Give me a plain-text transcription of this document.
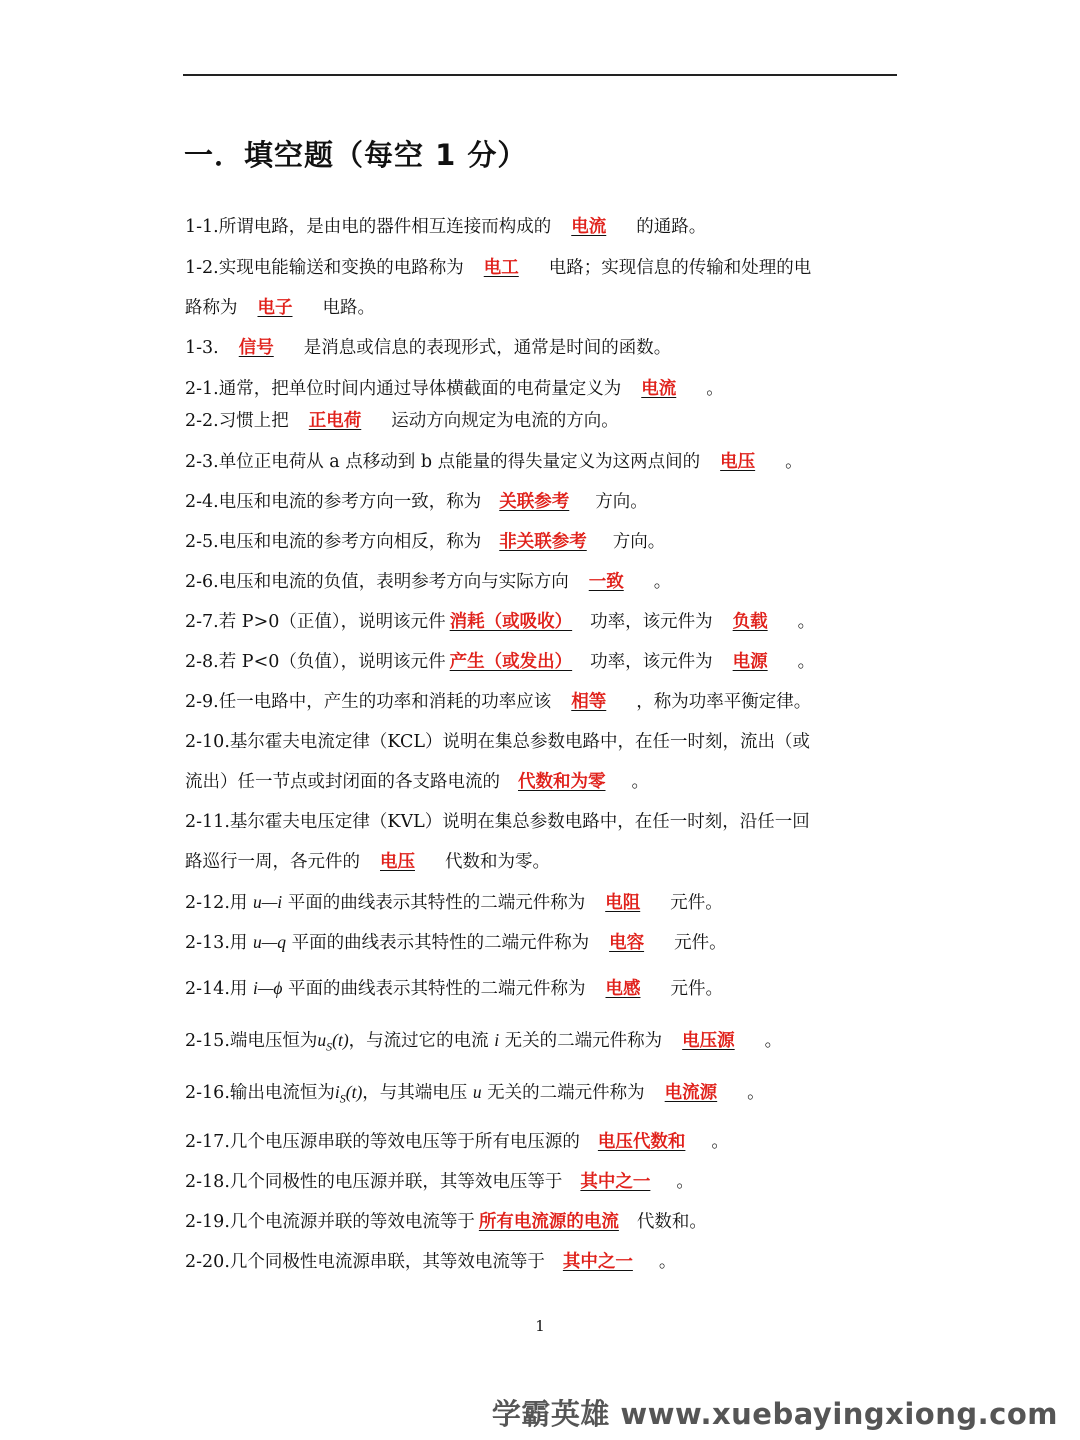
一．填空题（每空 1 分）
1-1.所谓电路，是由电的器件相互连接而构成的 电流 的通路。
1-2.实现电能输送和变换的电路称为 电工 电路；实现信息的传输和处理的电
路称为 电子 电路。
1-3. 信号 是消息或信息的表现形式，通常是时间的函数。
2-1.通常，把单位时间内通过导体横截面的电荷量定义为 电流 。
2-2.习惯上把 正电荷 运动方向规定为电流的方向。
2-3.单位正电荷从 a 点移动到 b 点能量的得失量定义为这两点间的 电压 。
2-4.电压和电流的参考方向一致，称为 关联参考 方向。
2-5.电压和电流的参考方向相反，称为 非关联参考 方向。
2-6.电压和电流的负值，表明参考方向与实际方向 一致 。
2-7.若 P>0（正值），说明该元件 消耗（或吸收） 功率，该元件为 负载 。
2-8.若 P<0（负值），说明该元件 产生（或发出） 功率，该元件为 电源 。
2-9.任一电路中，产生的功率和消耗的功率应该 相等 ，称为功率平衡定律。
2-10.基尔霍夫电流定律（KCL）说明在集总参数电路中，在任一时刻，流出（或
流出）任一节点或封闭面的各支路电流的 代数和为零 。
2-11.基尔霍夫电压定律（KVL）说明在集总参数电路中，在任一时刻，沿任一回
路巡行一周，各元件的 电压 代数和为零。
2-12.用 u—i 平面的曲线表示其特性的二端元件称为 电阻 元件。
2-13.用 u—q 平面的曲线表示其特性的二端元件称为 电容 元件。
2-14.用 i—ϕ 平面的曲线表示其特性的二端元件称为 电感 元件。
2-15.端电压恒为$u_S(t)$，与流过它的电流 i 无关的二端元件称为 电压源 。
2-16.输出电流恒为$i_S(t)$，与其端电压 u 无关的二端元件称为 电流源 。
2-17.几个电压源串联的等效电压等于所有电压源的 电压代数和 。
2-18.几个同极性的电压源并联，其等效电压等于 其中之一 。
2-19.几个电流源并联的等效电流等于 所有电流源的电流 代数和。
2-20.几个同极性电流源串联，其等效电流等于 其中之一 。
1
学霸英雄 www.xuebayingxiong.com
